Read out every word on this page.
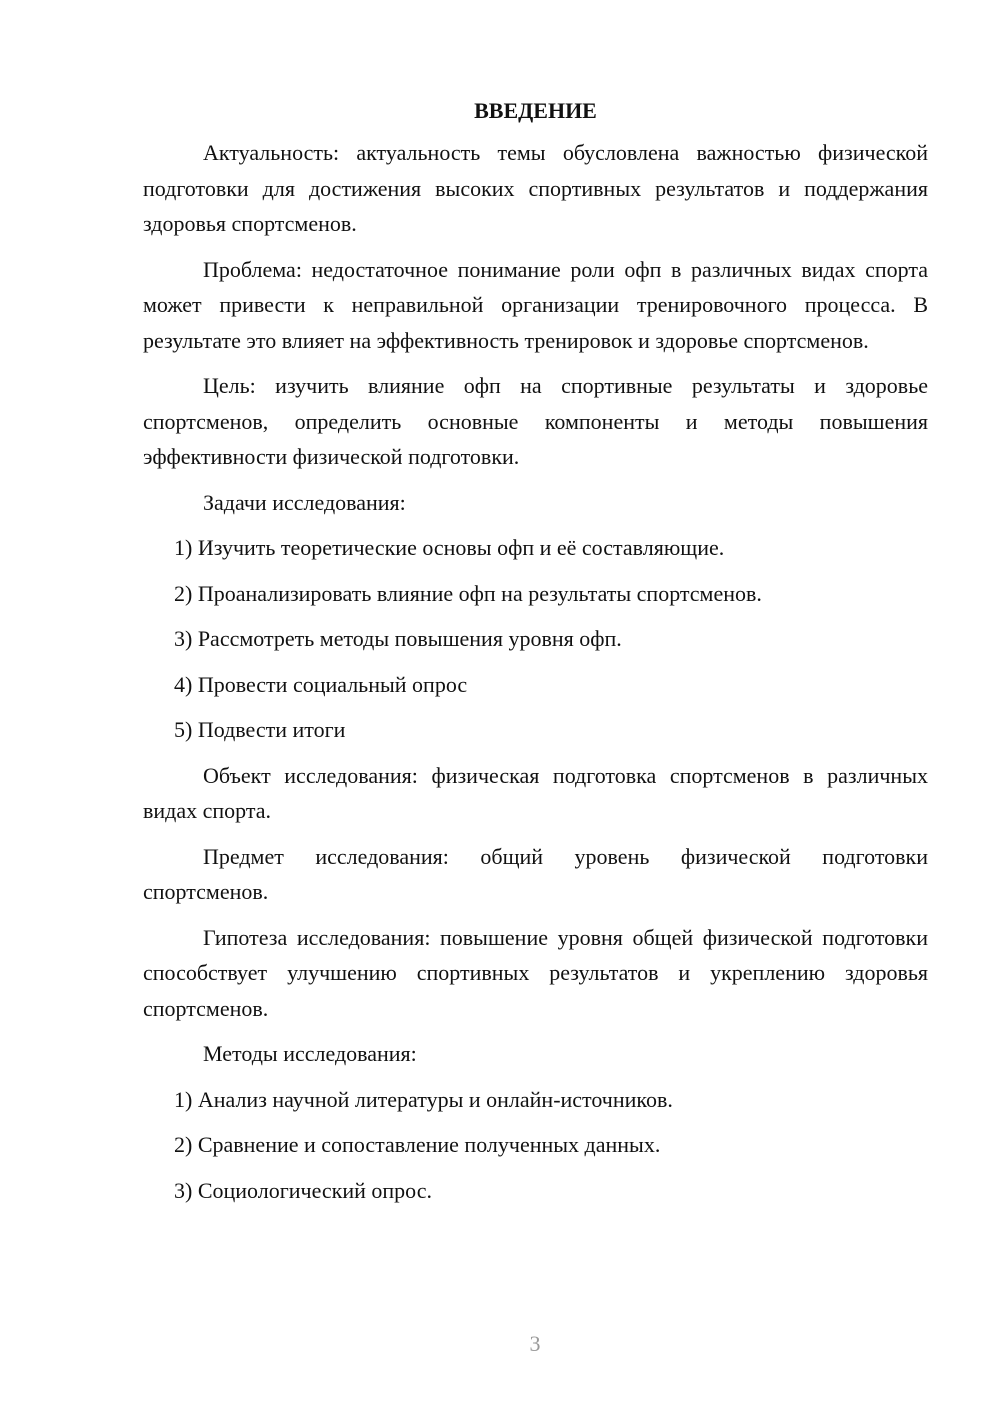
ВВЕДЕНИЕ

Актуальность: актуальность темы обусловлена важностью физической подготовки для достижения высоких спортивных результатов и поддержания здоровья спортсменов.

Проблема: недостаточное понимание роли офп в различных видах спорта может привести к неправильной организации тренировочного процесса. В результате это влияет на эффективность тренировок и здоровье спортсменов.

Цель: изучить влияние офп на спортивные результаты и здоровье спортсменов, определить основные компоненты и методы повышения эффективности физической подготовки.

Задачи исследования:

1) Изучить теоретические основы офп и её составляющие.

2) Проанализировать влияние офп на результаты спортсменов.

3) Рассмотреть методы повышения уровня офп.

4) Провести социальный опрос

5) Подвести итоги

Объект исследования: физическая подготовка спортсменов в различных видах спорта.

Предмет исследования: общий уровень физической подготовки спортсменов.

Гипотеза исследования: повышение уровня общей физической подготовки способствует улучшению спортивных результатов и укреплению здоровья спортсменов.

Методы исследования:

1) Анализ научной литературы и онлайн-источников.

2) Сравнение и сопоставление полученных данных.

3) Социологический опрос.

3
